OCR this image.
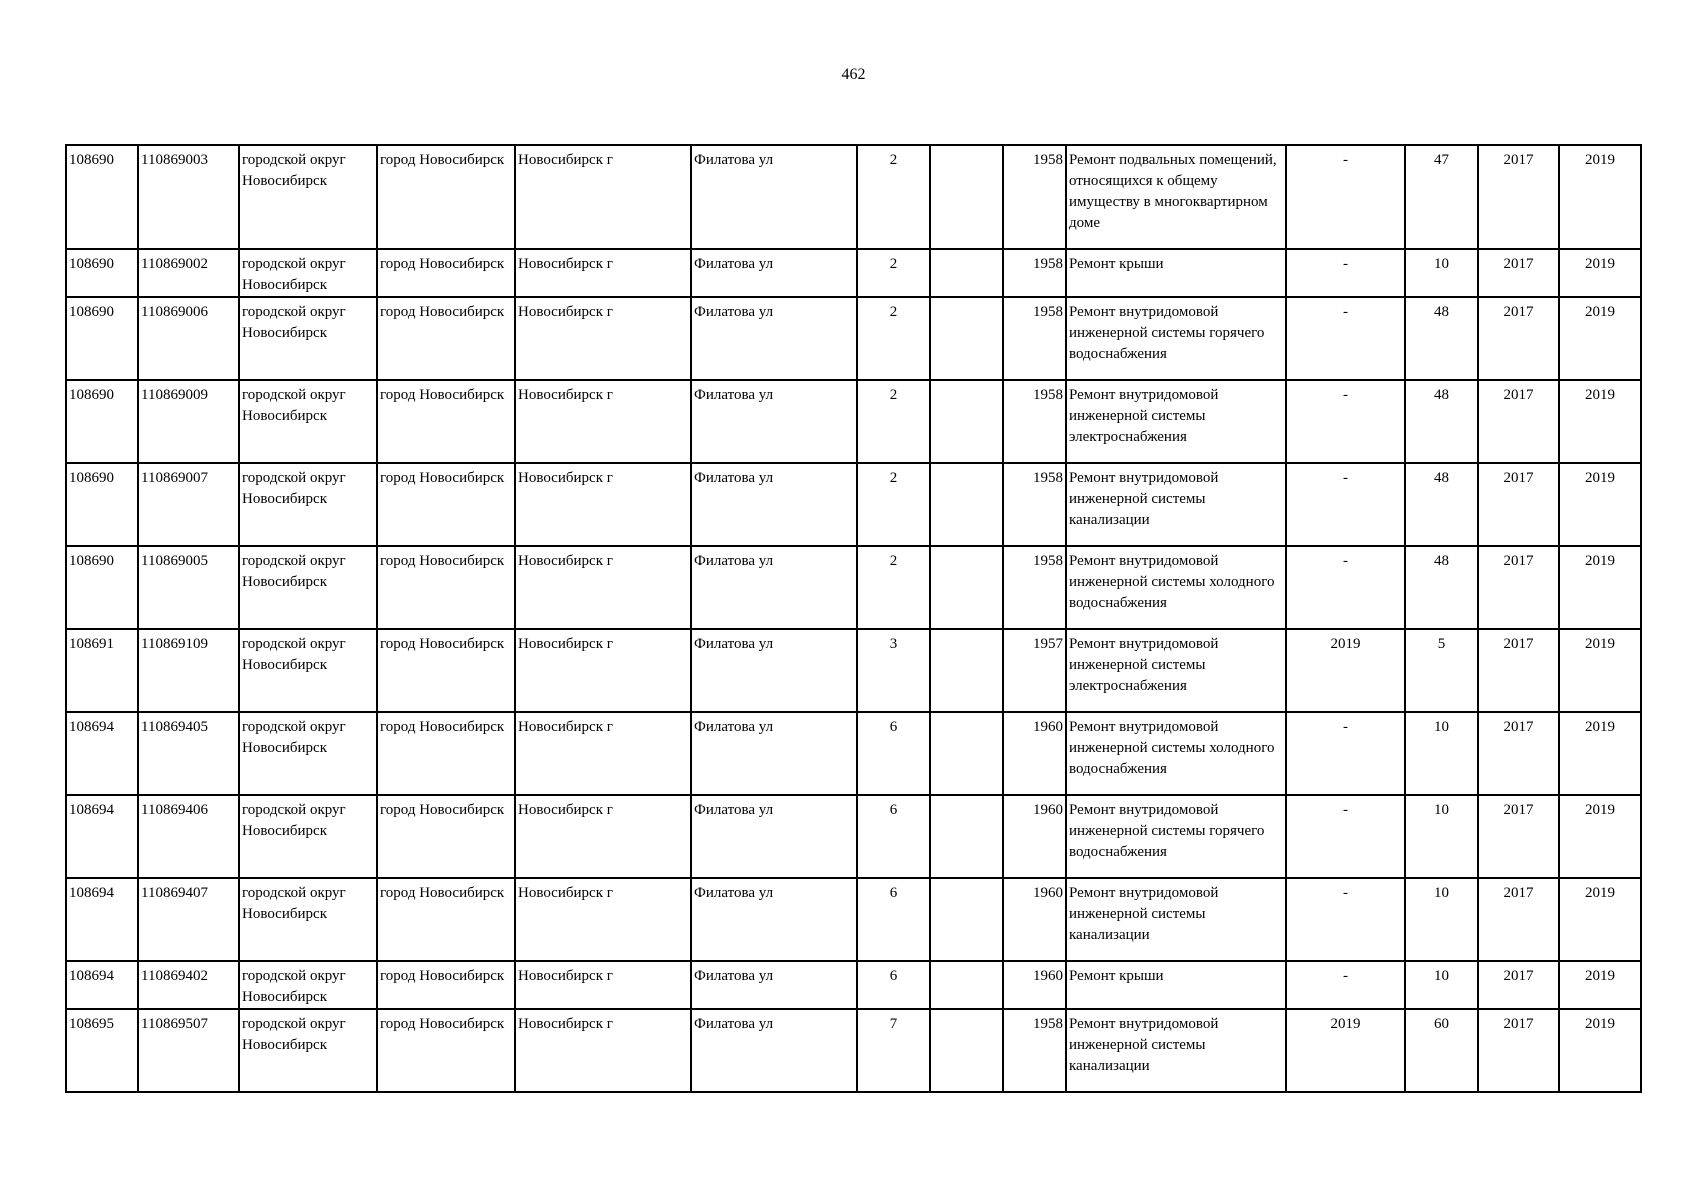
462
108690	110869003	городской округ Новосибирск	город Новосибирск	Новосибирск г	Филатова ул	2		1958	Ремонт подвальных помещений, относящихся к общему имуществу в многоквартирном доме	-	47	2017	2019
108690	110869002	городской округ Новосибирск	город Новосибирск	Новосибирск г	Филатова ул	2		1958	Ремонт крыши	-	10	2017	2019
108690	110869006	городской округ Новосибирск	город Новосибирск	Новосибирск г	Филатова ул	2		1958	Ремонт внутридомовой инженерной системы горячего водоснабжения	-	48	2017	2019
108690	110869009	городской округ Новосибирск	город Новосибирск	Новосибирск г	Филатова ул	2		1958	Ремонт внутридомовой инженерной системы электроснабжения	-	48	2017	2019
108690	110869007	городской округ Новосибирск	город Новосибирск	Новосибирск г	Филатова ул	2		1958	Ремонт внутридомовой инженерной системы канализации	-	48	2017	2019
108690	110869005	городской округ Новосибирск	город Новосибирск	Новосибирск г	Филатова ул	2		1958	Ремонт внутридомовой инженерной системы холодного водоснабжения	-	48	2017	2019
108691	110869109	городской округ Новосибирск	город Новосибирск	Новосибирск г	Филатова ул	3		1957	Ремонт внутридомовой инженерной системы электроснабжения	2019	5	2017	2019
108694	110869405	городской округ Новосибирск	город Новосибирск	Новосибирск г	Филатова ул	6		1960	Ремонт внутридомовой инженерной системы холодного водоснабжения	-	10	2017	2019
108694	110869406	городской округ Новосибирск	город Новосибирск	Новосибирск г	Филатова ул	6		1960	Ремонт внутридомовой инженерной системы горячего водоснабжения	-	10	2017	2019
108694	110869407	городской округ Новосибирск	город Новосибирск	Новосибирск г	Филатова ул	6		1960	Ремонт внутридомовой инженерной системы канализации	-	10	2017	2019
108694	110869402	городской округ Новосибирск	город Новосибирск	Новосибирск г	Филатова ул	6		1960	Ремонт крыши	-	10	2017	2019
108695	110869507	городской округ Новосибирск	город Новосибирск	Новосибирск г	Филатова ул	7		1958	Ремонт внутридомовой инженерной системы канализации	2019	60	2017	2019
